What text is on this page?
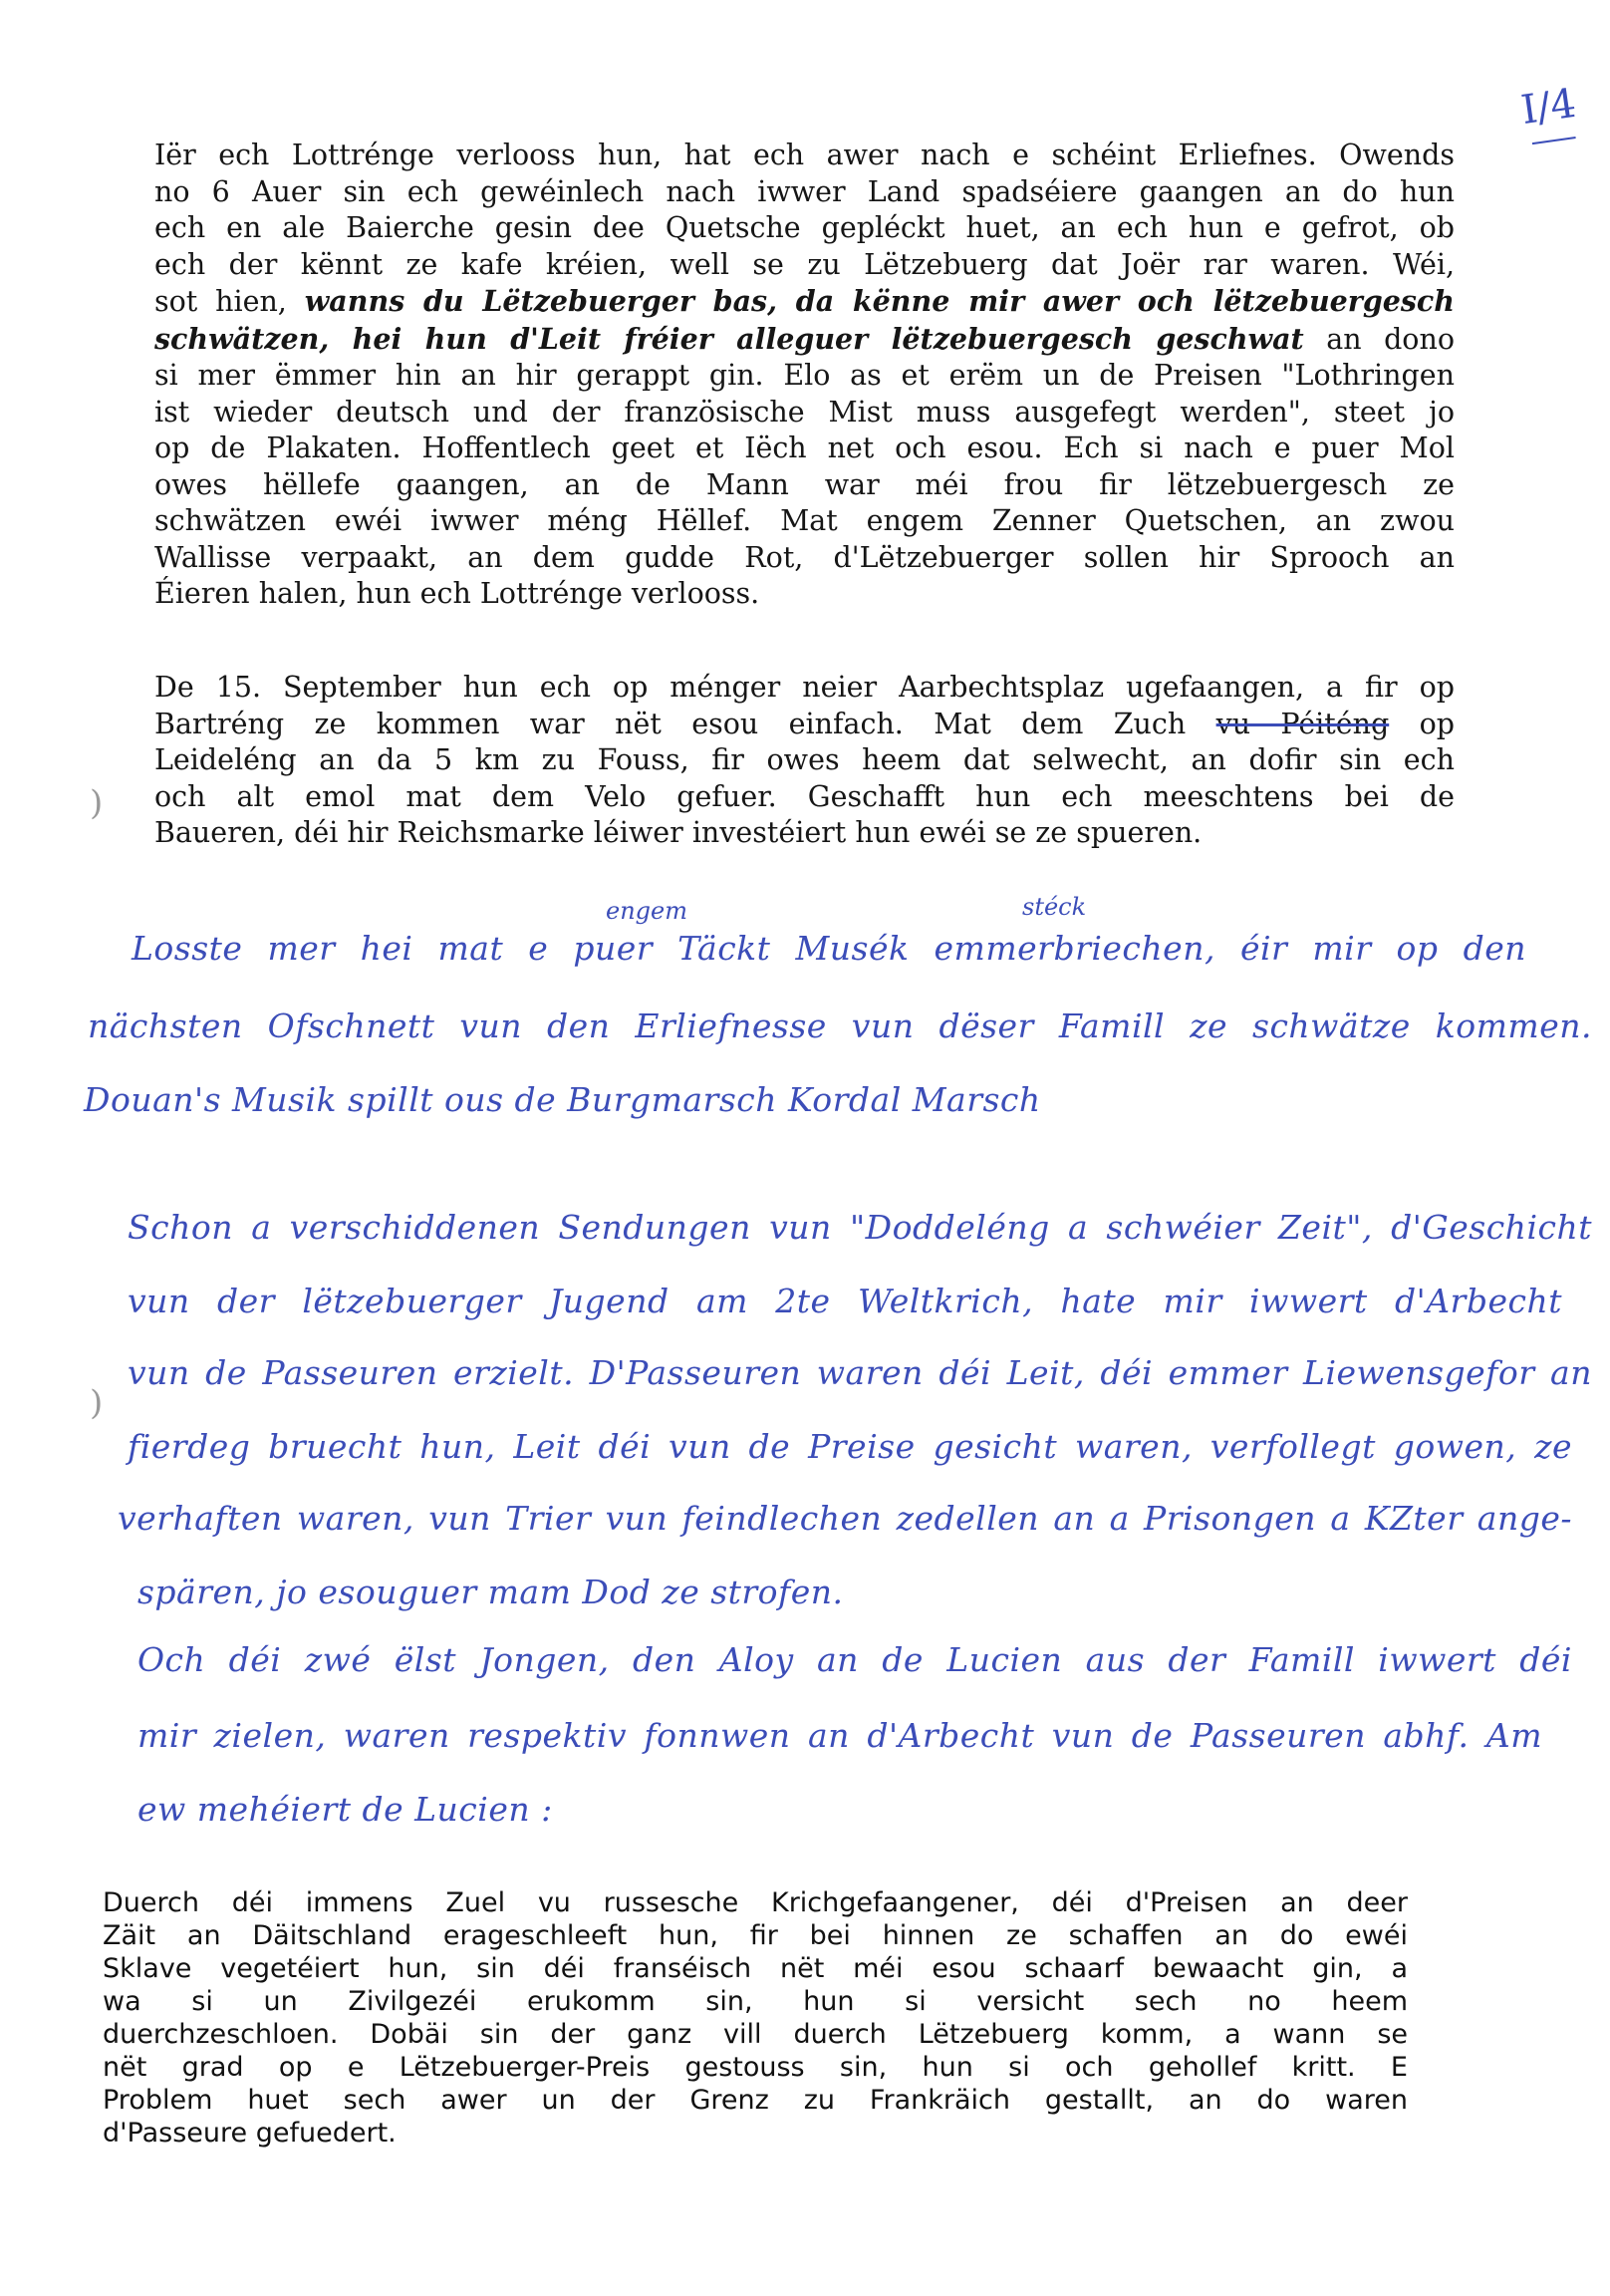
I/4
Iër ech Lottrénge verlooss hun, hat ech awer nach e schéint Erliefnes. Owends
no 6 Auer sin ech gewéinlech nach iwwer Land spadséiere gaangen an do hun
ech en ale Baierche gesin dee Quetsche gepléckt huet, an ech hun e gefrot, ob
ech der kënnt ze kafe kréien, well se zu Lëtzebuerg dat Joër rar waren. Wéi,
sot hien, wanns du Lëtzebuerger bas, da kënne mir awer och lëtzebuergesch
schwätzen, hei hun d'Leit fréier alleguer lëtzebuergesch geschwat an dono
si mer ëmmer hin an hir gerappt gin. Elo as et erëm un de Preisen "Lothringen
ist wieder deutsch und der französische Mist muss ausgefegt werden", steet jo
op de Plakaten. Hoffentlech geet et Iëch net och esou. Ech si nach e puer Mol
owes hëllefe gaangen, an de Mann war méi frou fir lëtzebuergesch ze
schwätzen ewéi iwwer méng Hëllef. Mat engem Zenner Quetschen, an zwou
Wallisse verpaakt, an dem gudde Rot, d'Lëtzebuerger sollen hir Sprooch an
Éieren halen, hun ech Lottrénge verlooss.
De 15. September hun ech op ménger neier Aarbechtsplaz ugefaangen, a fir op
Bartréng ze kommen war nët esou einfach. Mat dem Zuch vu Péiténg op
Leideléng an da 5 km zu Fouss, fir owes heem dat selwecht, an dofir sin ech
och alt emol mat dem Velo gefuer. Geschafft hun ech meeschtens bei de
Baueren, déi hir Reichsmarke léiwer investéiert hun ewéi se ze spueren.
)
)
engem	stéck
Losste mer hei mat e puer Täckt Musék emmerbriechen, éir mir op den
nächsten Ofschnett vun den Erliefnesse vun dëser Famill ze schwätze kommen.
Douan's Musik spillt ous de Burgmarsch Kordal Marsch
Schon a verschiddenen Sendungen vun "Doddeléng a schwéier Zeit", d'Geschicht
vun der lëtzebuerger Jugend am 2te Weltkrich, hate mir iwwert d'Arbecht
vun de Passeuren erzielt. D'Passeuren waren déi Leit, déi emmer Liewensgefor an
fierdeg bruecht hun, Leit déi vun de Preise gesicht waren, verfollegt gowen, ze
verhaften waren, vun Trier vun feindlechen zedellen an a Prisongen a KZter ange-
spären, jo esouguer mam Dod ze strofen.
Och déi zwé ëlst Jongen, den Aloy an de Lucien aus der Famill iwwert déi
mir zielen, waren respektiv fonnwen an d'Arbecht vun de Passeuren abhf. Am
ew mehéiert de Lucien :
Duerch déi immens Zuel vu russesche Krichgefaangener, déi d'Preisen an deer
Zäit an Däitschland erageschleeft hun, fir bei hinnen ze schaffen an do ewéi
Sklave vegetéiert hun, sin déi franséisch nët méi esou schaarf bewaacht gin, a
wa si un Zivilgezéi erukomm sin, hun si versicht sech no heem
duerchzeschloen. Dobäi sin der ganz vill duerch Lëtzebuerg komm, a wann se
nët grad op e Lëtzebuerger-Preis gestouss sin, hun si och gehollef kritt. E
Problem huet sech awer un der Grenz zu Frankräich gestallt, an do waren
d'Passeure gefuedert.
